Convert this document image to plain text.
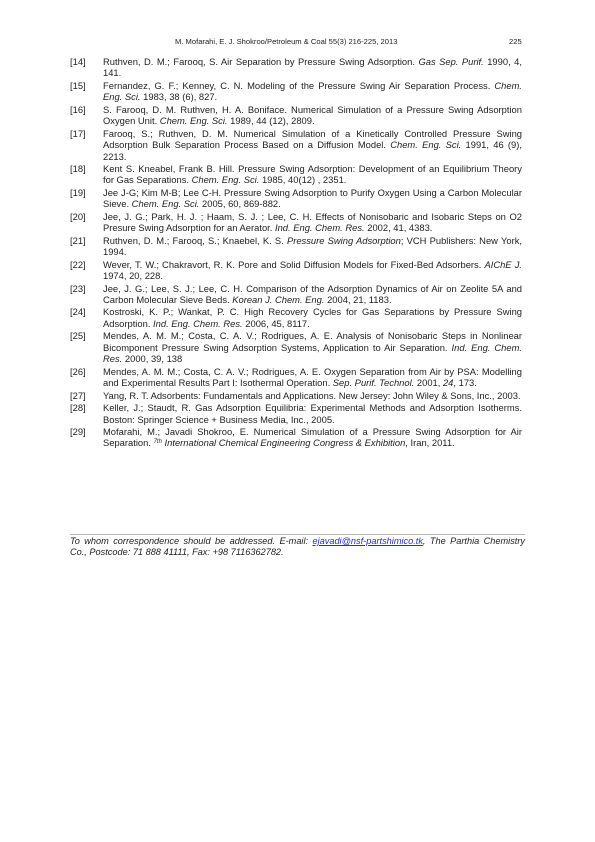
M. Mofarahi, E. J. Shokroo/Petroleum & Coal 55(3) 216-225, 2013	225
[14]	Ruthven, D. M.; Farooq, S. Air Separation by Pressure Swing Adsorption. Gas Sep. Purif. 1990, 4, 141.
[15]	Fernandez, G. F.; Kenney, C. N. Modeling of the Pressure Swing Air Separation Process. Chem. Eng. Sci. 1983, 38 (6), 827.
[16]	S. Farooq, D. M. Ruthven, H. A. Boniface. Numerical Simulation of a Pressure Swing Adsorption Oxygen Unit. Chem. Eng. Sci. 1989, 44 (12), 2809.
[17]	Farooq, S.; Ruthven, D. M. Numerical Simulation of a Kinetically Controlled Pressure Swing Adsorption Bulk Separation Process Based on a Diffusion Model. Chem. Eng. Sci. 1991, 46 (9), 2213.
[18]	Kent S. Kneabel, Frank B. Hill. Pressure Swing Adsorption: Development of an Equilibrium Theory for Gas Separations. Chem. Eng. Sci. 1985, 40(12) , 2351.
[19]	Jee J-G; Kim M-B; Lee C-H. Pressure Swing Adsorption to Purify Oxygen Using a Carbon Molecular Sieve. Chem. Eng. Sci. 2005, 60, 869-882.
[20]	Jee, J. G.; Park, H. J. ; Haam, S. J. ; Lee, C. H. Effects of Nonisobaric and Isobaric Steps on O2 Presure Swing Adsorption for an Aerator. Ind. Eng. Chem. Res. 2002, 41, 4383.
[21]	Ruthven, D. M.; Farooq, S.; Knaebel, K. S. Pressure Swing Adsorption; VCH Publishers: New York, 1994.
[22]	Wever, T. W.; Chakravort, R. K. Pore and Solid Diffusion Models for Fixed-Bed Adsorbers. AIChE J. 1974, 20, 228.
[23]	Jee, J. G.; Lee, S. J.; Lee, C. H. Comparison of the Adsorption Dynamics of Air on Zeolite 5A and Carbon Molecular Sieve Beds. Korean J. Chem. Eng. 2004, 21, 1183.
[24]	Kostroski, K. P.; Wankat, P. C. High Recovery Cycles for Gas Separations by Pressure Swing Adsorption. Ind. Eng. Chem. Res. 2006, 45, 8117.
[25]	Mendes, A. M. M.; Costa, C. A. V.; Rodrigues, A. E. Analysis of Nonisobaric Steps in Nonlinear Bicomponent Pressure Swing Adsorption Systems, Application to Air Separation. Ind. Eng. Chem. Res. 2000, 39, 138
[26]	Mendes, A. M. M.; Costa, C. A. V.; Rodrigues, A. E. Oxygen Separation from Air by PSA: Modelling and Experimental Results Part I: Isothermal Operation. Sep. Purif. Technol. 2001, 24, 173.
[27]	Yang, R. T. Adsorbents: Fundamentals and Applications. New Jersey: John Wiley & Sons, Inc., 2003.
[28]	Keller, J.; Staudt, R. Gas Adsorption Equilibria: Experimental Methods and Adsorption Isotherms. Boston: Springer Science + Business Media, Inc., 2005.
[29]	Mofarahi, M.; Javadi Shokroo, E. Numerical Simulation of a Pressure Swing Adsorption for Air Separation. $^{7th}$ International Chemical Engineering Congress & Exhibition, Iran, 2011.
To whom correspondence should be addressed. E-mail: ejavadi@nsf-partshimico.tk, The Parthia Chemistry Co., Postcode: 71 888 41111, Fax: +98 7116362782.
